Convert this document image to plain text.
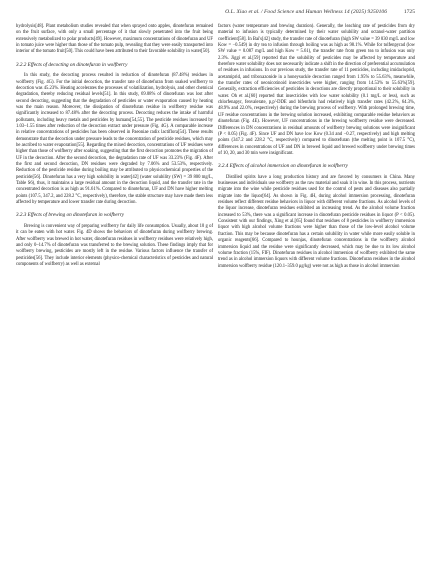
O.L. Xiao et al. / Food Science and Human Wellness 14 (2025) 9250106	1725

hydrolysis[48]. Plant metabolism studies revealed that when sprayed onto apples, dinotefuran remained on the fruit surface, with only a small percentage of it that slowly penetrated into the fruit being extensively metabolized to polar products[49]. However, maximum concentrations of dinotefuran and UF in tomato juice were higher than those of the tomato pulp, revealing that they were easily transported into interior of the tomato fruit[50]. This could have been attributed to their favorable solubility in water[50].

3.2.2 Effects of decocting on dinotefuran in wolfberry

In this study, the decocting process resulted in reduction of dinotefuran (87.48%) residues in wolfberry (Fig. 4G). For the initial decoction, the transfer rate of dinotefuran from soaked wolfberry to decoction was 45.23%. Heating accelerates the processes of volatilization, hydrolysis, and other chemical degradation, thereby reducing residual levels[51]. In this study, 69.08% of dinotefuran was lost after second decocting, suggesting that the degradation of pesticides or water evaporation caused by heating was the main reason. Moreover, the dissipation of dinotefuran residue in wolfberry residue was significantly increased to 87.48% after the decocting process. Decocting reduces the intake of harmful pollutants, including heavy metals and pesticides by humans[54,55]. The pesticide residues increased by 1.03–1.55 times after reduction of the decoction extract under pressure (Fig. 4G). A comparable increase in relative concentrations of pesticides has been observed in Paeoniae radix lactiflora[54]. These results demonstrate that the decoction under pressure leads to the concentration of pesticide residues, which may be ascribed to water evaporation[55]. Regarding the mixed decoction, concentrations of UF residues were higher than those of wolfberry after soaking, suggesting that the first decoction promotes the migration of UF in the decoction. After the second decoction, the degradation rate of UF was 33.23% (Fig. 4F). After the first and second decoction, DN residues were degraded by 7.06% and 53.53%, respectively. Reduction of the pesticide residue during boiling may be attributed to physicochemical properties of the pesticide[56]. Dinotefuran has a very high solubility in water[42] (water solubility (SW) = 39 800 mg/L, Table S6), thus, it maintains a large residual amount in the decoction liquid, and the transfer rate in the concentrated decoction is as high as 91.61%. Compared to dinotefuran, UF and DN have higher melting points (107.5, 347.2, and 228.2 °C, respectively), therefore, the stable structure may have made them less affected by temperature and lower transfer rate during decoction.

3.2.3 Effects of brewing on dinotefuran in wolfberry

Brewing is convenient way of preparing wolfberry for daily life consumption. Usually, about 10 g of it can be eaten with hot water. Fig. 4D shows the behaviors of dinotefuran during wolfberry brewing. After wolfberry was brewed in hot water, dinotefuran residues in wolfberry residues were relatively high, and only 0–14.7% of dinotefuran was transferred to the brewing solution. These findings imply that for wolfberry brewing, pesticides are mostly left in the residue. Various factors influence the transfer of pesticides[56]. They include interior elements (physico-chemical characteristics of pesticides and natural components of wolfberry) as well as external

factors (water temperature and brewing duration). Generally, the leaching rate of pesticides from dry material to infusion is typically determined by their water solubility and octanol-water partition coefficient[58]. In Bai's[42] study, the transfer rate of dinotefuran (high SW value = 39 830 mg/L and low Kow = −0.549) in dry tea to infusion through boiling was as high as 98.1%. While for tolfenpyrad (low SW value = 0.087 mg/L and high Kow = 5.61), the transfer rate from green tea to infusion was only 2.3%. Jiggi et al.[59] reported that the solubility of pesticides may be affected by temperature and therefore water solubility does not necessarily indicate a shift in the direction of preferential accumulation of residues in infusions. In our previous study, the transfer rate of 11 pesticides, including imidacloprid, acetamiprid, and triboxazonide in a honeysuckle decoction ranged from 1.95% to 55.63%, meanwhile, the transfer rates of neonicotinoid insecticides were higher, ranging from 14.53% to 55.63%[59]. Generally, extraction efficiencies of pesticides in decoctions are directly proportional to their solubility in water. Oh et al.[60] reported that insecticides with low water solubility (0.1 mg/L or less), such as chlorfenapyr, fenvalerate, p,p'-DDE and bifenthrin had relatively high transfer rates (42.2%, 64.3%, 48.9% and 22.0%, respectively) during the brewing process of wolfberry. With prolonged brewing time, UF residue concentrations in the brewing solution increased, exhibiting comparable residue behaviors as dinotefuran (Fig. 4E). However, UF concentrations in the brewing wolfberry residue were decreased. Differences in DN concentrations in residual amounts of wolfberry brewing solutions were insignificant (P < 0.05) (Fig. 4F). Since UF and DN have low Kow (0.34 and −0.27, respectively) and high melting points (347.2 and 228.2 °C, respectively) compared to dinotefuran (the melting point is 107.5 °C), differences in concentrations of UF and DN in brewed liquid and brewed wolfberry under brewing times of 10, 20, and 30 min were insignificant.

3.2.4 Effects of alcohol immersion on dinotefuran in wolfberry

Distilled spirits have a long production history and are favored by consumers in China. Many businesses and individuals use wolfberry as the raw material and soak it in wine. In this process, nutrients migrate into the wine while pesticide residues used for the control of pests and diseases also partially migrate into the liquor[64]. As shown in Fig. 4H, during alcohol immersion processing, dinotefuran residues reflect different residue behaviors in liquor with different volume fractions. As alcohol levels of the liquor increase, dinotefuran residues exhibited an increasing trend. As the alcohol volume fraction increased to 53%, there was a significant increase in dinotefuran pesticide residues in liquor (P < 0.05). Consistent with our findings, Xing et al.[65] found that residues of 8 pesticides in wolfberry immersion liquor with high alcohol volume fractions were higher than those of the low-level alcohol volume fraction. This may be because dinotefuran has a certain solubility in water while more easily soluble in organic reagents[66]. Compared to hounjas, dinotefuran concentrations in the wolfberry alcohol immersion liquid and the residue were significantly decreased, which may be due to its low alcohol volume fraction (15%, FIF). Dinotefuran residues in alcohol immersion of wolfberry exhibited the same trend as in alcohol immersion liquors with different volume fractions. Dinotefuran residues in the alcohol immersion wolfberry residue (120.1–359.0 μg/kg) were not as high as those in alcohol immersion
